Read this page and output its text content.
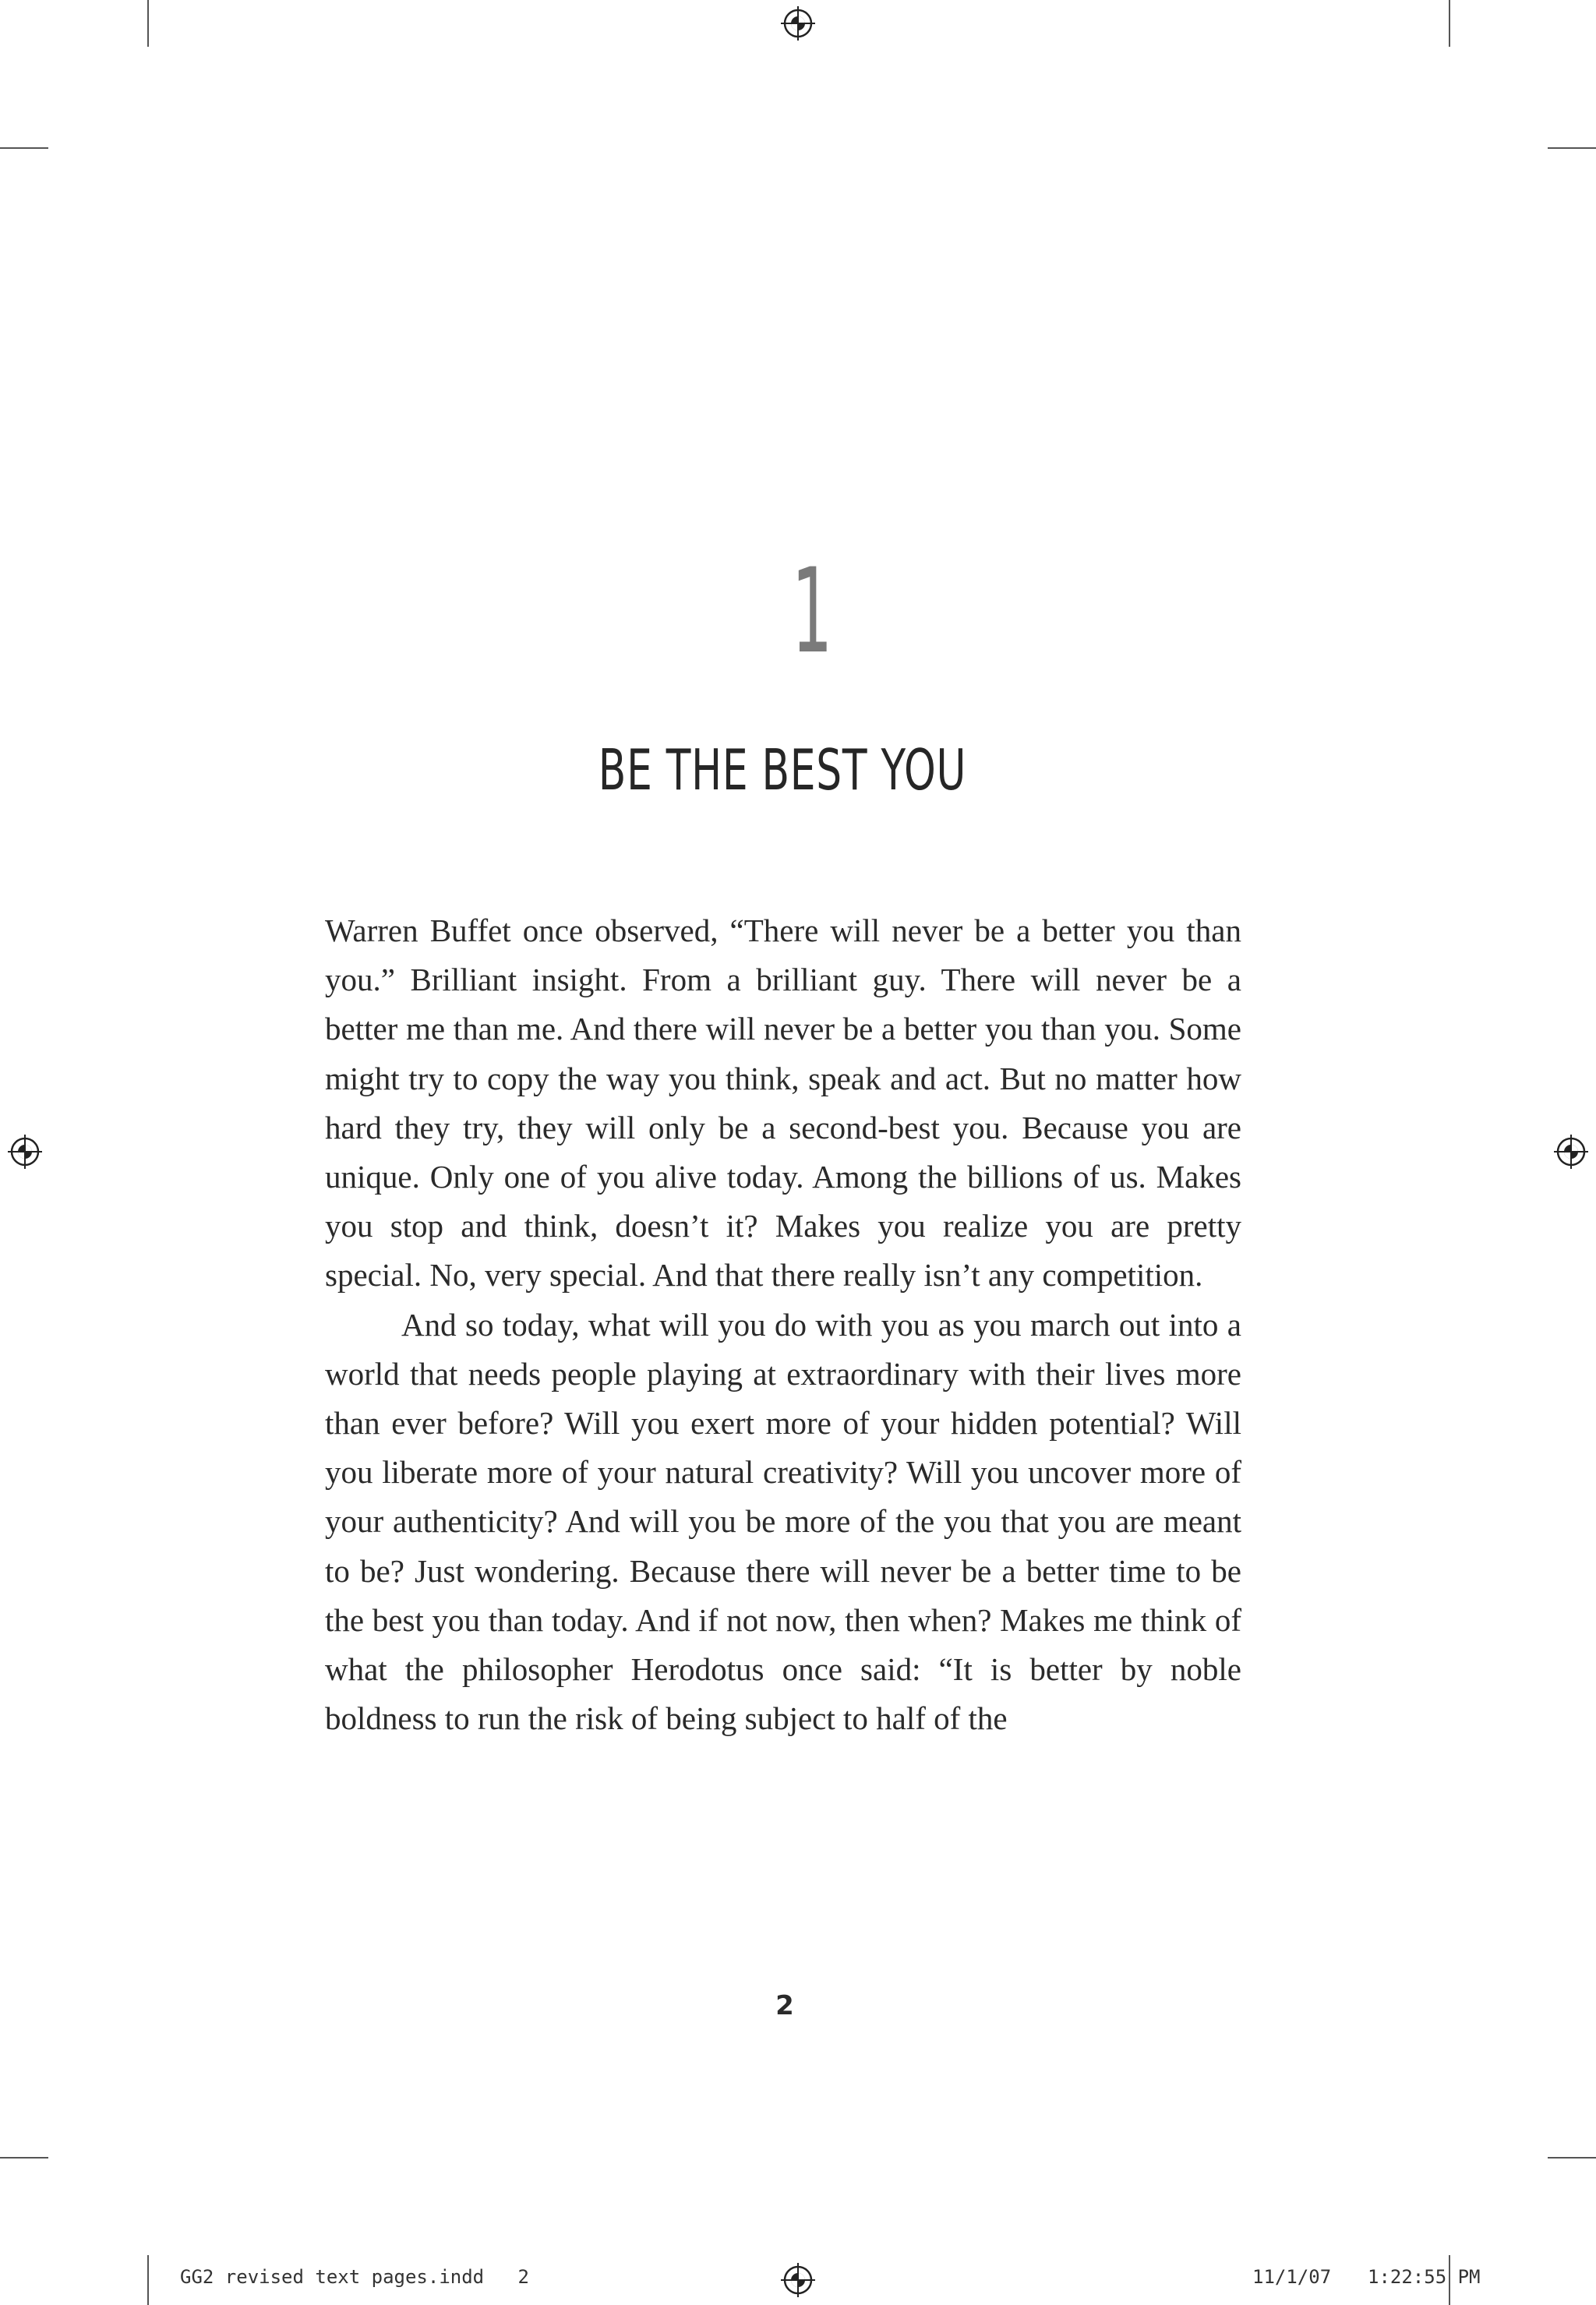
1
BE THE BEST YOU

Warren Buffet once observed, “There will never be a better you than you.” Brilliant insight. From a brilliant guy. There will never be a better me than me. And there will never be a better you than you. Some might try to copy the way you think, speak and act. But no matter how hard they try, they will only be a second-best you. Because you are unique. Only one of you alive today. Among the billions of us. Makes you stop and think, doesn’t it? Makes you realize you are pretty special. No, very special. And that there really isn’t any competition.

And so today, what will you do with you as you march out into a world that needs people playing at extraordinary with their lives more than ever before? Will you exert more of your hidden potential? Will you liberate more of your natural creativity? Will you uncover more of your authenticity? And will you be more of the you that you are meant to be? Just wondering. Because there will never be a better time to be the best you than today. And if not now, then when? Makes me think of what the philosopher Herodotus once said: “It is better by noble boldness to run the risk of being subject to half of the

2
GG2 revised text pages.indd   2	11/1/07 1:22:55 PM
